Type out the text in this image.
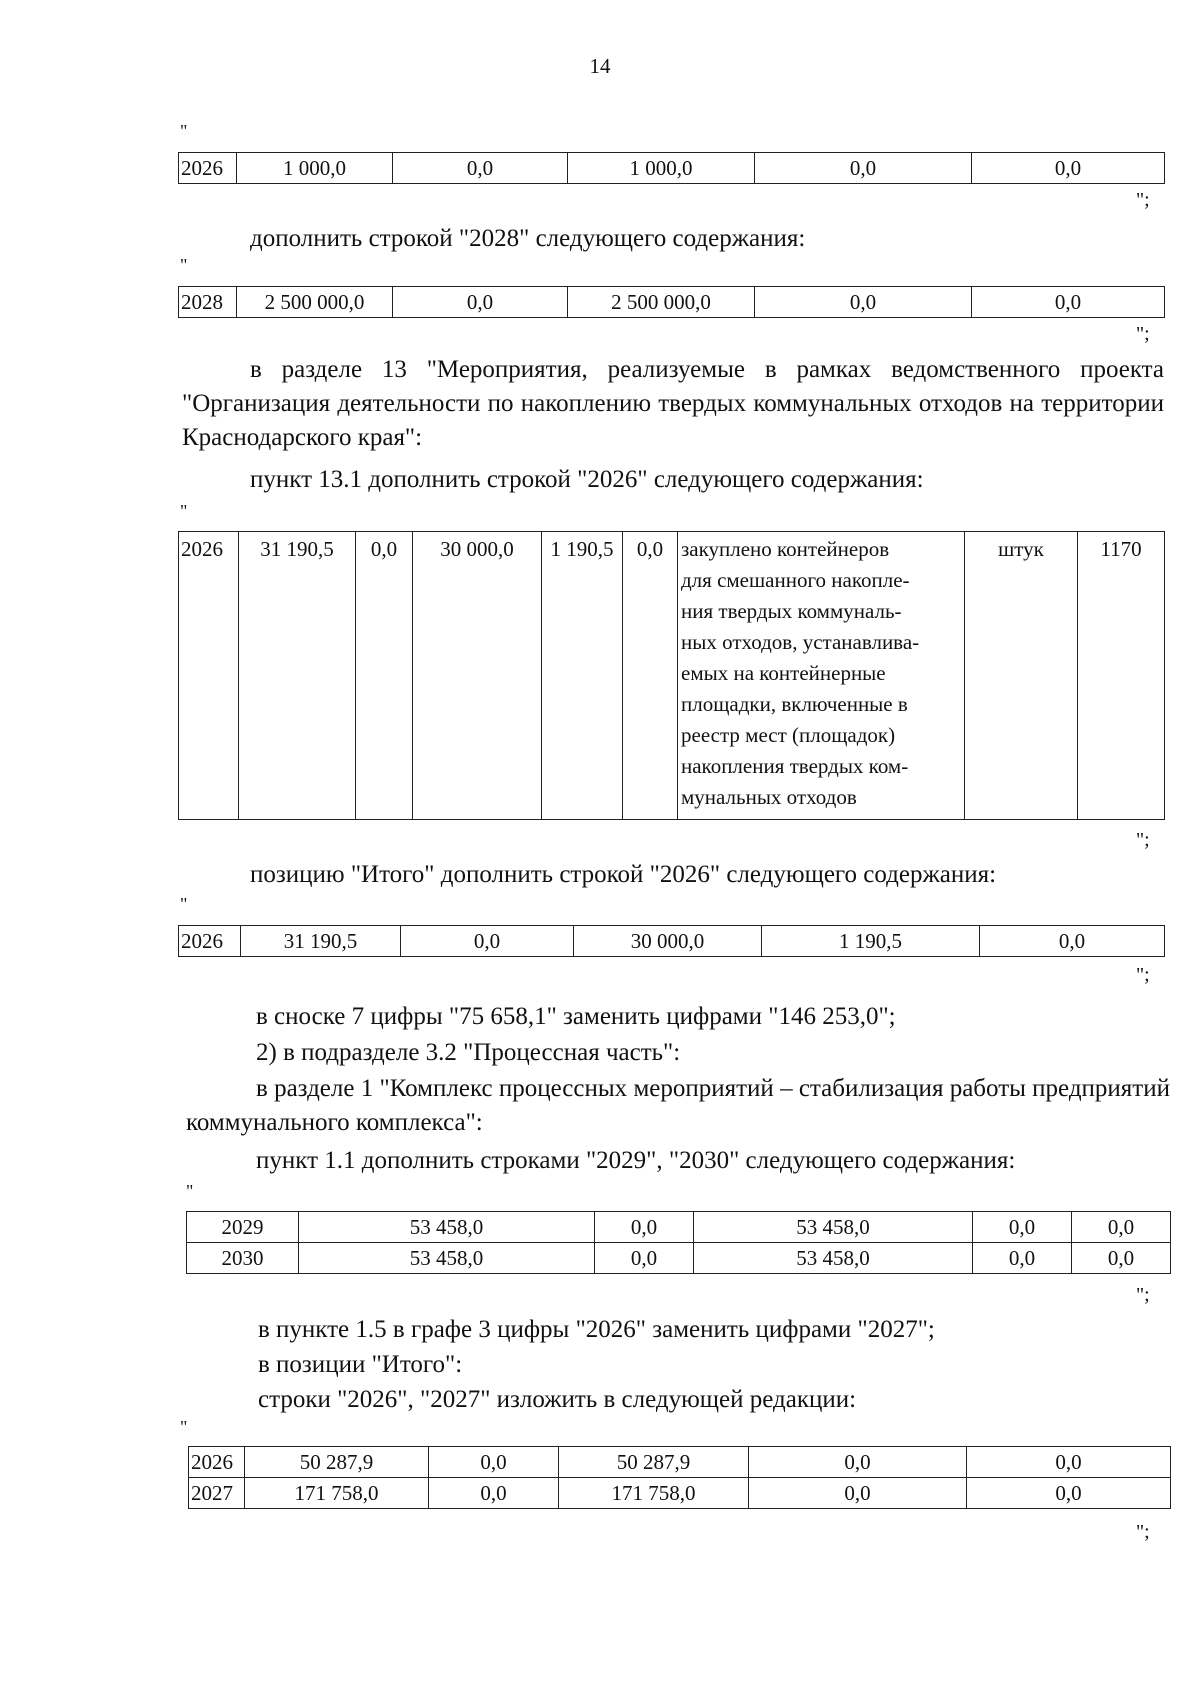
14
"
2026	1 000,0	0,0	1 000,0	0,0	0,0
";
дополнить строкой "2028" следующего содержания:
"
2028	2 500 000,0	0,0	2 500 000,0	0,0	0,0
";
в разделе 13 "Мероприятия, реализуемые в рамках ведомственного проекта "Организация деятельности по накоплению твердых коммунальных отходов на территории Краснодарского края":
пункт 13.1 дополнить строкой "2026" следующего содержания:
"
2026	31 190,5	0,0	30 000,0	1 190,5	0,0	закуплено контейнеров
для смешанного накопле-
ния твердых коммуналь-
ных отходов, устанавлива-
емых на контейнерные
площадки, включенные в
реестр мест (площадок)
накопления твердых ком-
мунальных отходов
	штук	1170
";
позицию "Итого" дополнить строкой "2026" следующего содержания:
"
2026	31 190,5	0,0	30 000,0	1 190,5	0,0
";
в сноске 7 цифры "75 658,1" заменить цифрами "146 253,0";
2) в подразделе 3.2 "Процессная часть":
в разделе 1 "Комплекс процессных мероприятий – стабилизация работы предприятий коммунального комплекса":
пункт 1.1 дополнить строками "2029", "2030" следующего содержания:
"
2029	53 458,0	0,0	53 458,0	0,0	0,0
2030	53 458,0	0,0	53 458,0	0,0	0,0
";
в пункте 1.5 в графе 3 цифры "2026" заменить цифрами "2027";
в позиции "Итого":
строки "2026", "2027" изложить в следующей редакции:
"
2026	50 287,9	0,0	50 287,9	0,0	0,0
2027	171 758,0	0,0	171 758,0	0,0	0,0
";
